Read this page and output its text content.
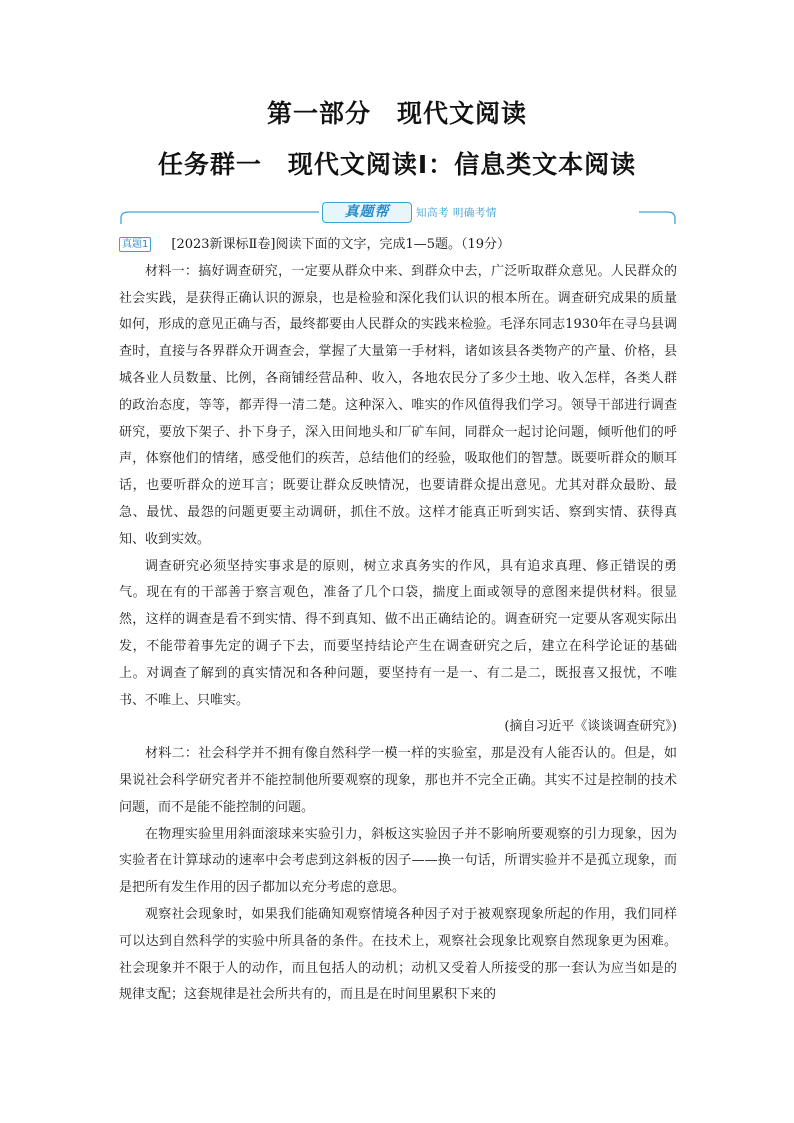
第一部分　现代文阅读
任务群一　现代文阅读Ⅰ：信息类文本阅读
真题帮	知高考 明确考情

真题1 [2023新课标Ⅱ卷]阅读下面的文字，完成1—5题。（19分）

材料一：搞好调查研究，一定要从群众中来、到群众中去，广泛听取群众意见。人民群众的社会实践，是获得正确认识的源泉，也是检验和深化我们认识的根本所在。调查研究成果的质量如何，形成的意见正确与否，最终都要由人民群众的实践来检验。毛泽东同志1930年在寻乌县调查时，直接与各界群众开调查会，掌握了大量第一手材料，诸如该县各类物产的产量、价格，县城各业人员数量、比例，各商铺经营品种、收入，各地农民分了多少土地、收入怎样，各类人群的政治态度，等等，都弄得一清二楚。这种深入、唯实的作风值得我们学习。领导干部进行调查研究，要放下架子、扑下身子，深入田间地头和厂矿车间，同群众一起讨论问题，倾听他们的呼声，体察他们的情绪，感受他们的疾苦，总结他们的经验，吸取他们的智慧。既要听群众的顺耳话，也要听群众的逆耳言；既要让群众反映情况，也要请群众提出意见。尤其对群众最盼、最急、最忧、最怨的问题更要主动调研，抓住不放。这样才能真正听到实话、察到实情、获得真知、收到实效。

调查研究必须坚持实事求是的原则，树立求真务实的作风，具有追求真理、修正错误的勇气。现在有的干部善于察言观色，准备了几个口袋，揣度上面或领导的意图来提供材料。很显然，这样的调查是看不到实情、得不到真知、做不出正确结论的。调查研究一定要从客观实际出发，不能带着事先定的调子下去，而要坚持结论产生在调查研究之后，建立在科学论证的基础上。对调查了解到的真实情况和各种问题，要坚持有一是一、有二是二，既报喜又报忧，不唯书、不唯上、只唯实。

(摘自习近平《谈谈调查研究》)

材料二：社会科学并不拥有像自然科学一模一样的实验室，那是没有人能否认的。但是，如果说社会科学研究者并不能控制他所要观察的现象，那也并不完全正确。其实不过是控制的技术问题，而不是能不能控制的问题。

在物理实验里用斜面滚球来实验引力，斜板这实验因子并不影响所要观察的引力现象，因为实验者在计算球动的速率中会考虑到这斜板的因子——换一句话，所谓实验并不是孤立现象，而是把所有发生作用的因子都加以充分考虑的意思。

观察社会现象时，如果我们能确知观察情境各种因子对于被观察现象所起的作用，我们同样可以达到自然科学的实验中所具备的条件。在技术上，观察社会现象比观察自然现象更为困难。社会现象并不限于人的动作，而且包括人的动机；动机又受着人所接受的那一套认为应当如是的规律支配；这套规律是社会所共有的，而且是在时间里累积下来的
